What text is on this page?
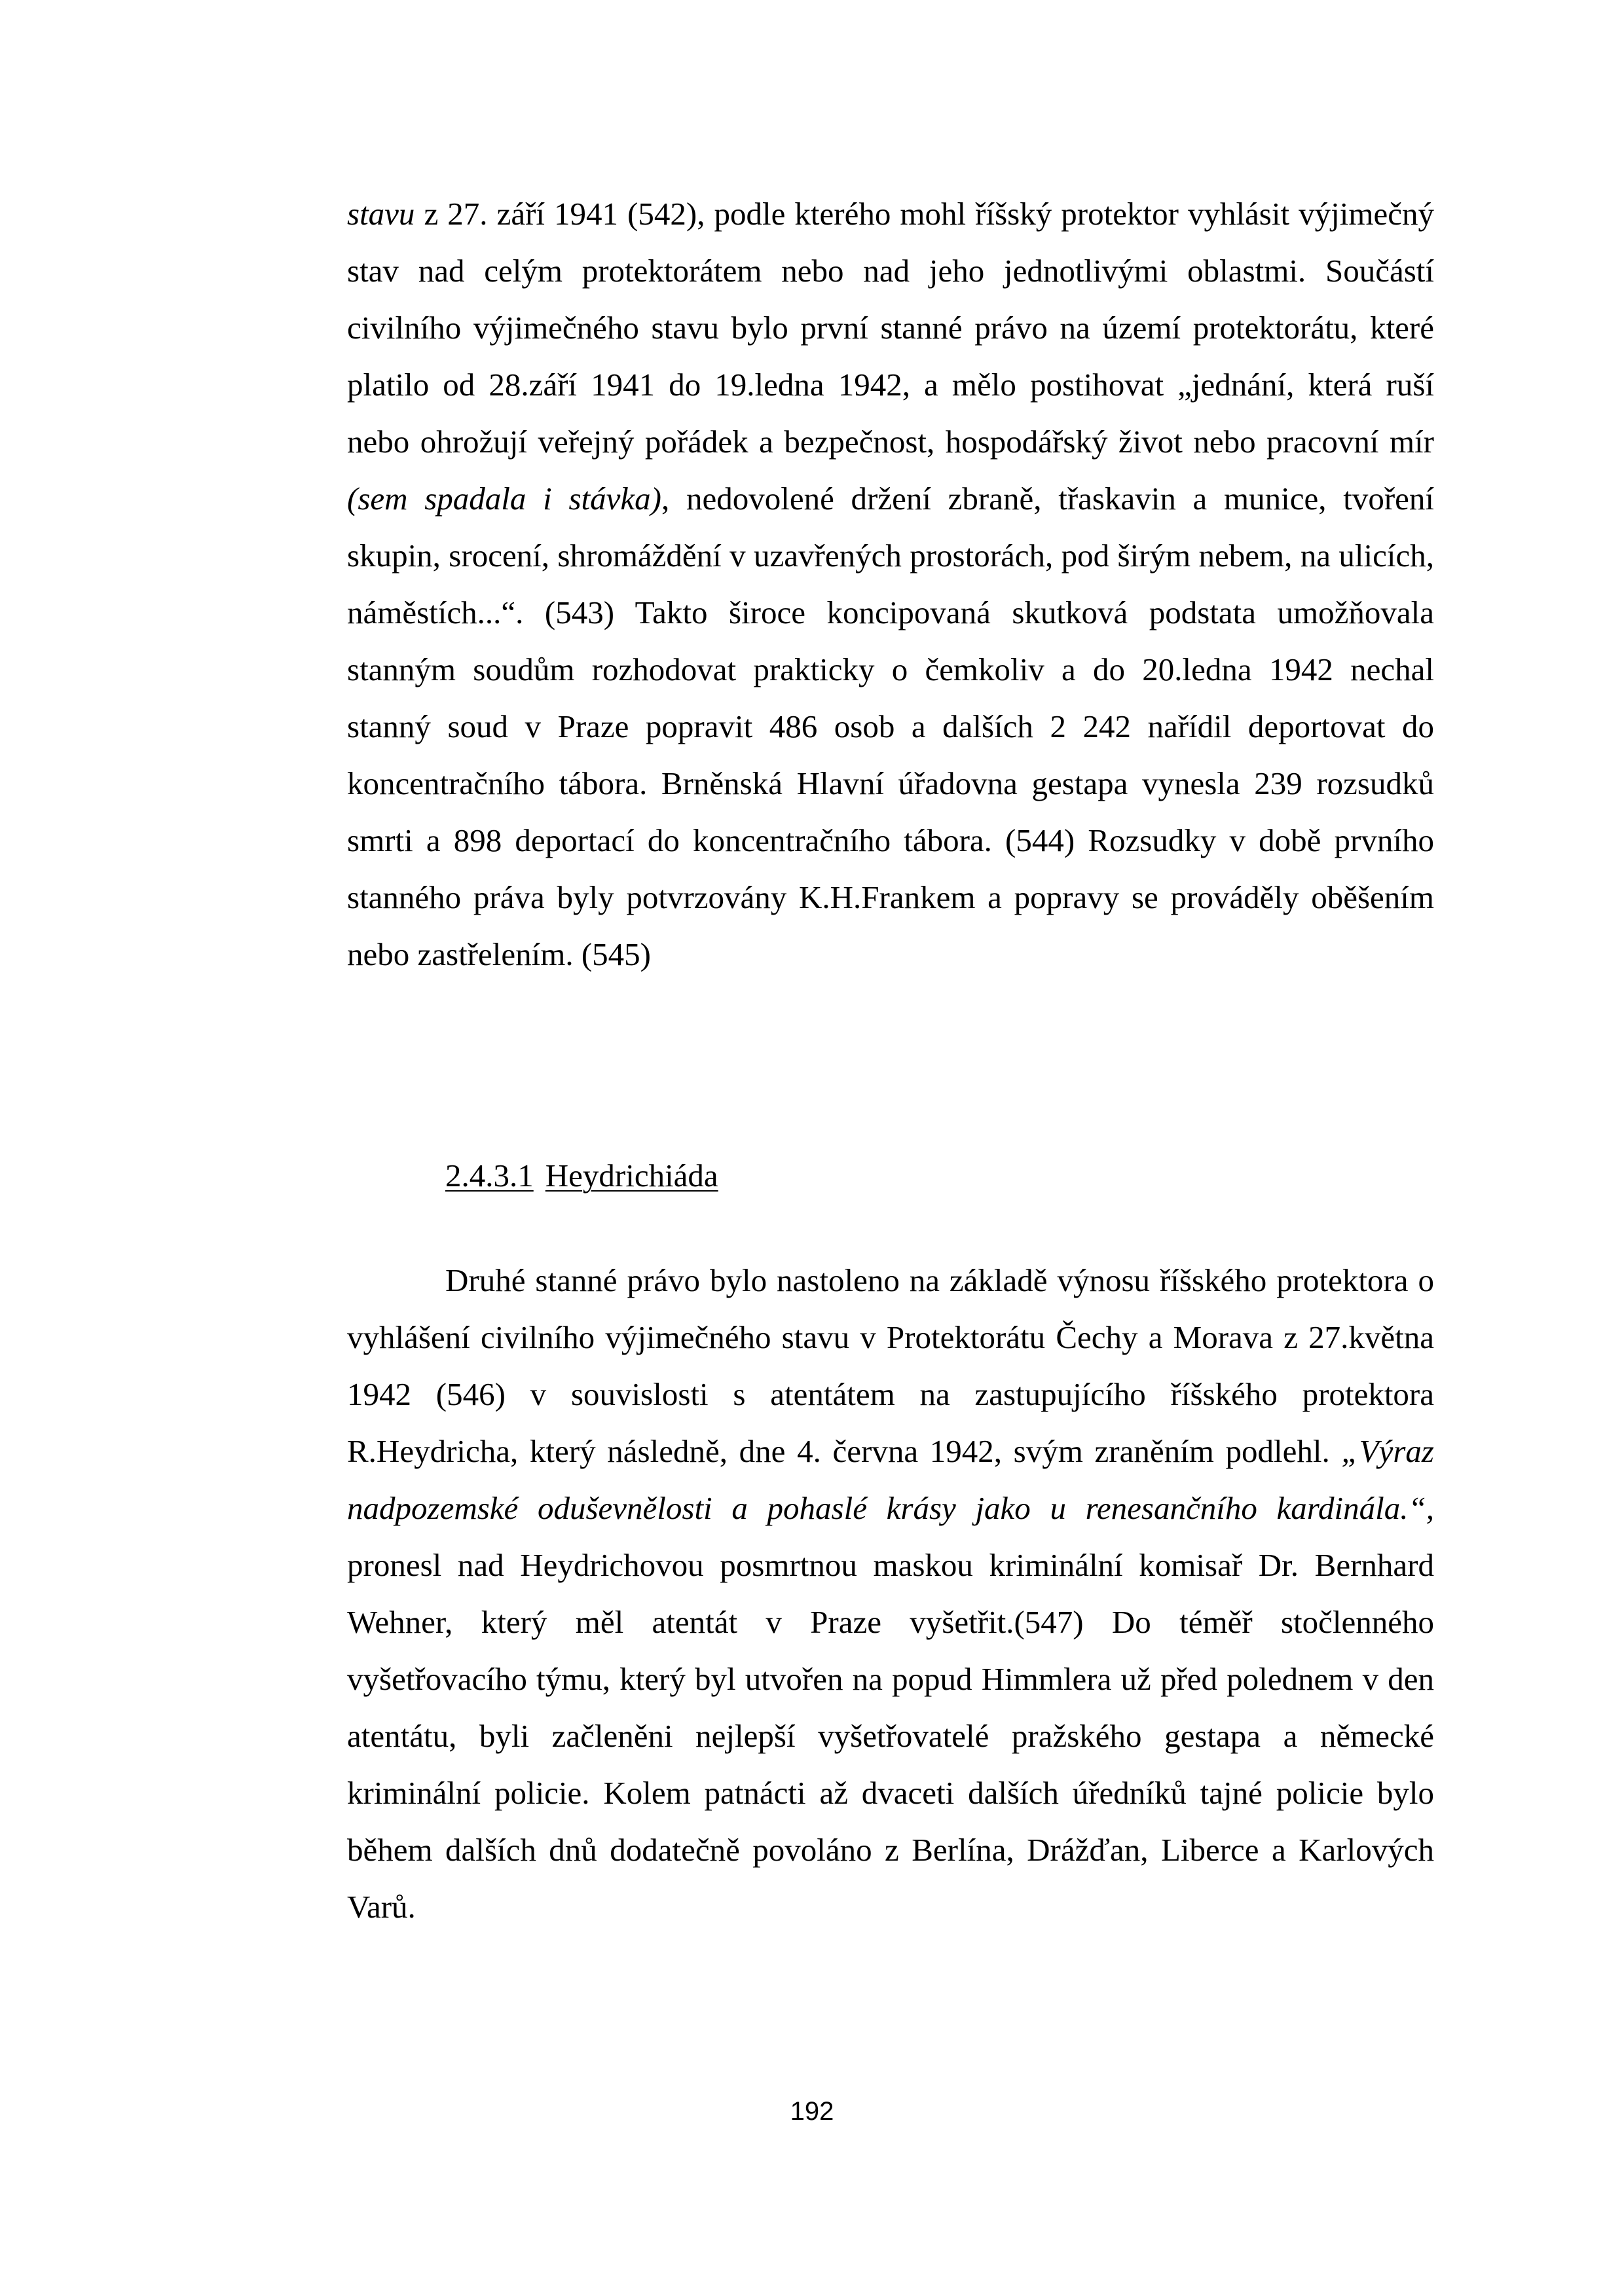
stavu z 27. září 1941 (542), podle kterého mohl říšský protektor vyhlásit výjimečný stav nad celým protektorátem nebo nad jeho jednotlivými oblastmi. Součástí civilního výjimečného stavu bylo první stanné právo na území protektorátu, které platilo od 28.září 1941 do 19.ledna 1942, a mělo postihovat „jednání, která ruší nebo ohrožují veřejný pořádek a bezpečnost, hospodářský život nebo pracovní mír (sem spadala i stávka), nedovolené držení zbraně, třaskavin a munice, tvoření skupin, srocení, shromáždění v uzavřených prostorách, pod širým nebem, na ulicích, náměstích...“. (543) Takto široce koncipovaná skutková podstata umožňovala stanným soudům rozhodovat prakticky o čemkoliv a do 20.ledna 1942 nechal stanný soud v Praze popravit 486 osob a dalších 2 242 nařídil deportovat do koncentračního tábora. Brněnská Hlavní úřadovna gestapa vynesla 239 rozsudků smrti a 898 deportací do koncentračního tábora. (544) Rozsudky v době prvního stanného práva byly potvrzovány K.H.Frankem a popravy se prováděly oběšením nebo zastřelením. (545)

2.4.3.1 Heydrichiáda

Druhé stanné právo bylo nastoleno na základě výnosu říšského protektora o vyhlášení civilního výjimečného stavu v Protektorátu Čechy a Morava z 27.května 1942 (546) v souvislosti s atentátem na zastupujícího říšského protektora R.Heydricha, který následně, dne 4. června 1942, svým zraněním podlehl. „Výraz nadpozemské oduševnělosti a pohaslé krásy jako u renesančního kardinála.“, pronesl nad Heydrichovou posmrtnou maskou kriminální komisař Dr. Bernhard Wehner, který měl atentát v Praze vyšetřit.(547) Do téměř stočlenného vyšetřovacího týmu, který byl utvořen na popud Himmlera už před polednem v den atentátu, byli začleněni nejlepší vyšetřovatelé pražského gestapa a německé kriminální policie. Kolem patnácti až dvaceti dalších úředníků tajné policie bylo během dalších dnů dodatečně povoláno z Berlína, Drážďan, Liberce a Karlových Varů.

192
